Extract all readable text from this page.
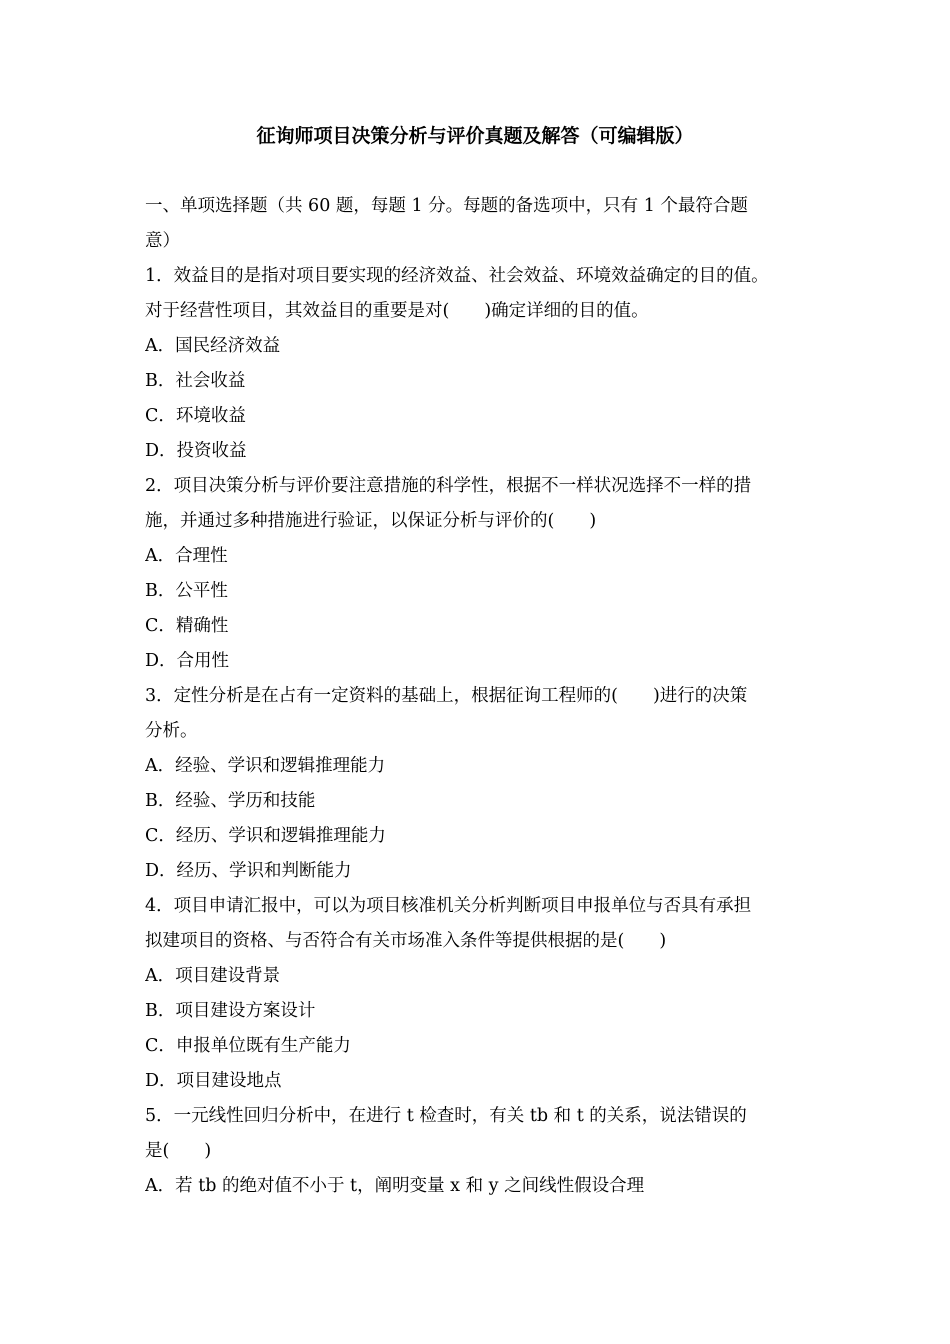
征询师项目决策分析与评价真题及解答（可编辑版）
一、单项选择题（共 60 题，每题 1 分。每题的备选项中，只有 1 个最符合题
意）
1．效益目的是指对项目要实现的经济效益、社会效益、环境效益确定的目的值。
对于经营性项目，其效益目的重要是对(　　)确定详细的目的值。
A．国民经济效益
B．社会收益
C．环境收益
D．投资收益
2．项目决策分析与评价要注意措施的科学性，根据不一样状况选择不一样的措
施，并通过多种措施进行验证，以保证分析与评价的(　　)
A．合理性
B．公平性
C．精确性
D．合用性
3．定性分析是在占有一定资料的基础上，根据征询工程师的(　　)进行的决策
分析。
A．经验、学识和逻辑推理能力
B．经验、学历和技能
C．经历、学识和逻辑推理能力
D．经历、学识和判断能力
4．项目申请汇报中，可以为项目核准机关分析判断项目申报单位与否具有承担
拟建项目的资格、与否符合有关市场准入条件等提供根据的是(　　)
A．项目建设背景
B．项目建设方案设计
C．申报单位既有生产能力
D．项目建设地点
5．一元线性回归分析中，在进行 t 检查时，有关 tb 和 t 的关系，说法错误的
是(　　)
A．若 tb 的绝对值不小于 t，阐明变量 x 和 y 之间线性假设合理
